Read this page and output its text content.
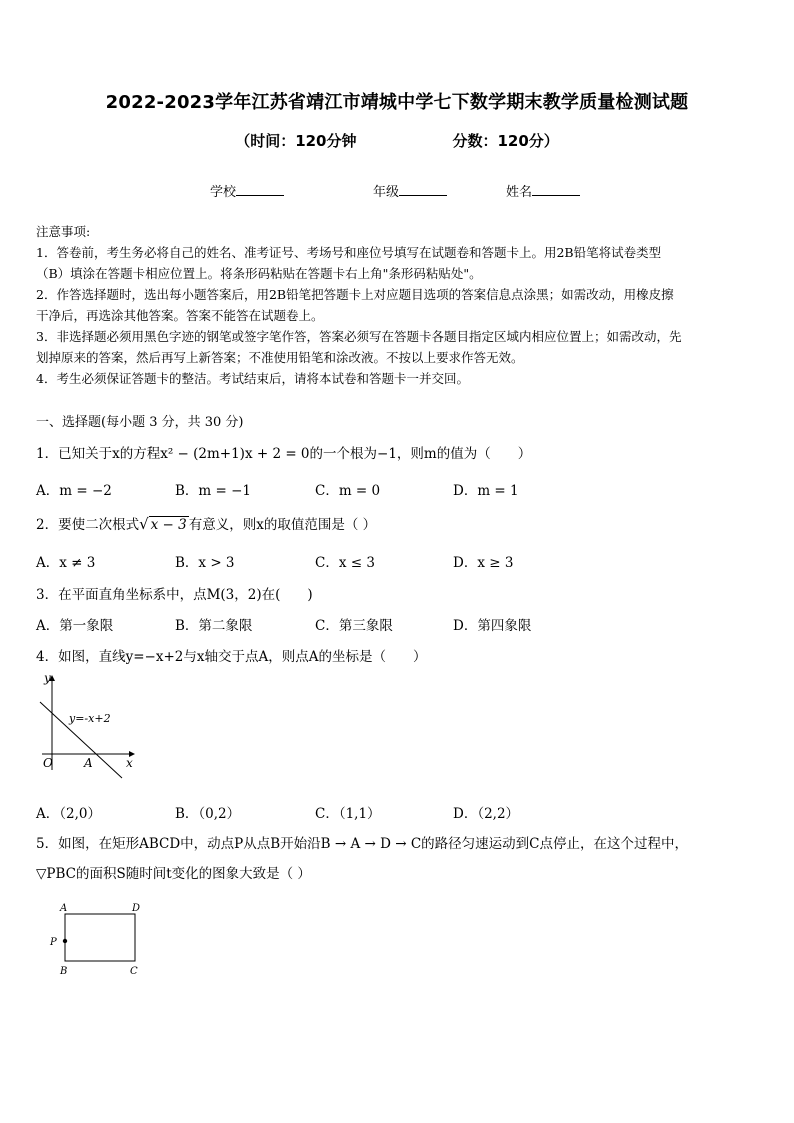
2022-2023学年江苏省靖江市靖城中学七下数学期末教学质量检测试题
（时间：120分钟	分数：120分）
学校	年级	姓名
注意事项:
1．答卷前，考生务必将自己的姓名、准考证号、考场号和座位号填写在试题卷和答题卡上。用2B铅笔将试卷类型
（B）填涂在答题卡相应位置上。将条形码粘贴在答题卡右上角"条形码粘贴处"。
2．作答选择题时，选出每小题答案后，用2B铅笔把答题卡上对应题目选项的答案信息点涂黑；如需改动，用橡皮擦
干净后，再选涂其他答案。答案不能答在试题卷上。
3．非选择题必须用黑色字迹的钢笔或签字笔作答，答案必须写在答题卡各题目指定区域内相应位置上；如需改动，先
划掉原来的答案，然后再写上新答案；不准使用铅笔和涂改液。不按以上要求作答无效。
4．考生必须保证答题卡的整洁。考试结束后，请将本试卷和答题卡一并交回。
一、选择题(每小题 3 分，共 30 分)
1．已知关于x的方程x² − (2m+1)x + 2 = 0的一个根为−1，则m的值为（　　）
A．m = −2	B．m = −1	C．m = 0	D．m = 1
2．要使二次根式√ x − 3 有意义，则x的取值范围是（ ）
A．x ≠ 3	B．x > 3	C．x ≤ 3	D．x ≥ 3
3．在平面直角坐标系中，点M(3，2)在(　　)
A．第一象限	B．第二象限	C．第三象限	D．第四象限
4．如图，直线y=−x+2与x轴交于点A，则点A的坐标是（　　）
y
x
y=-x+2
O	A
A．（2,0）	B．（0,2）	C．（1,1）	D．（2,2）
5．如图，在矩形ABCD中，动点P从点B开始沿B → A → D → C的路径匀速运动到C点停止，在这个过程中，
▽PBC的面积S随时间t变化的图象大致是（ ）
A	D
P
B	C
